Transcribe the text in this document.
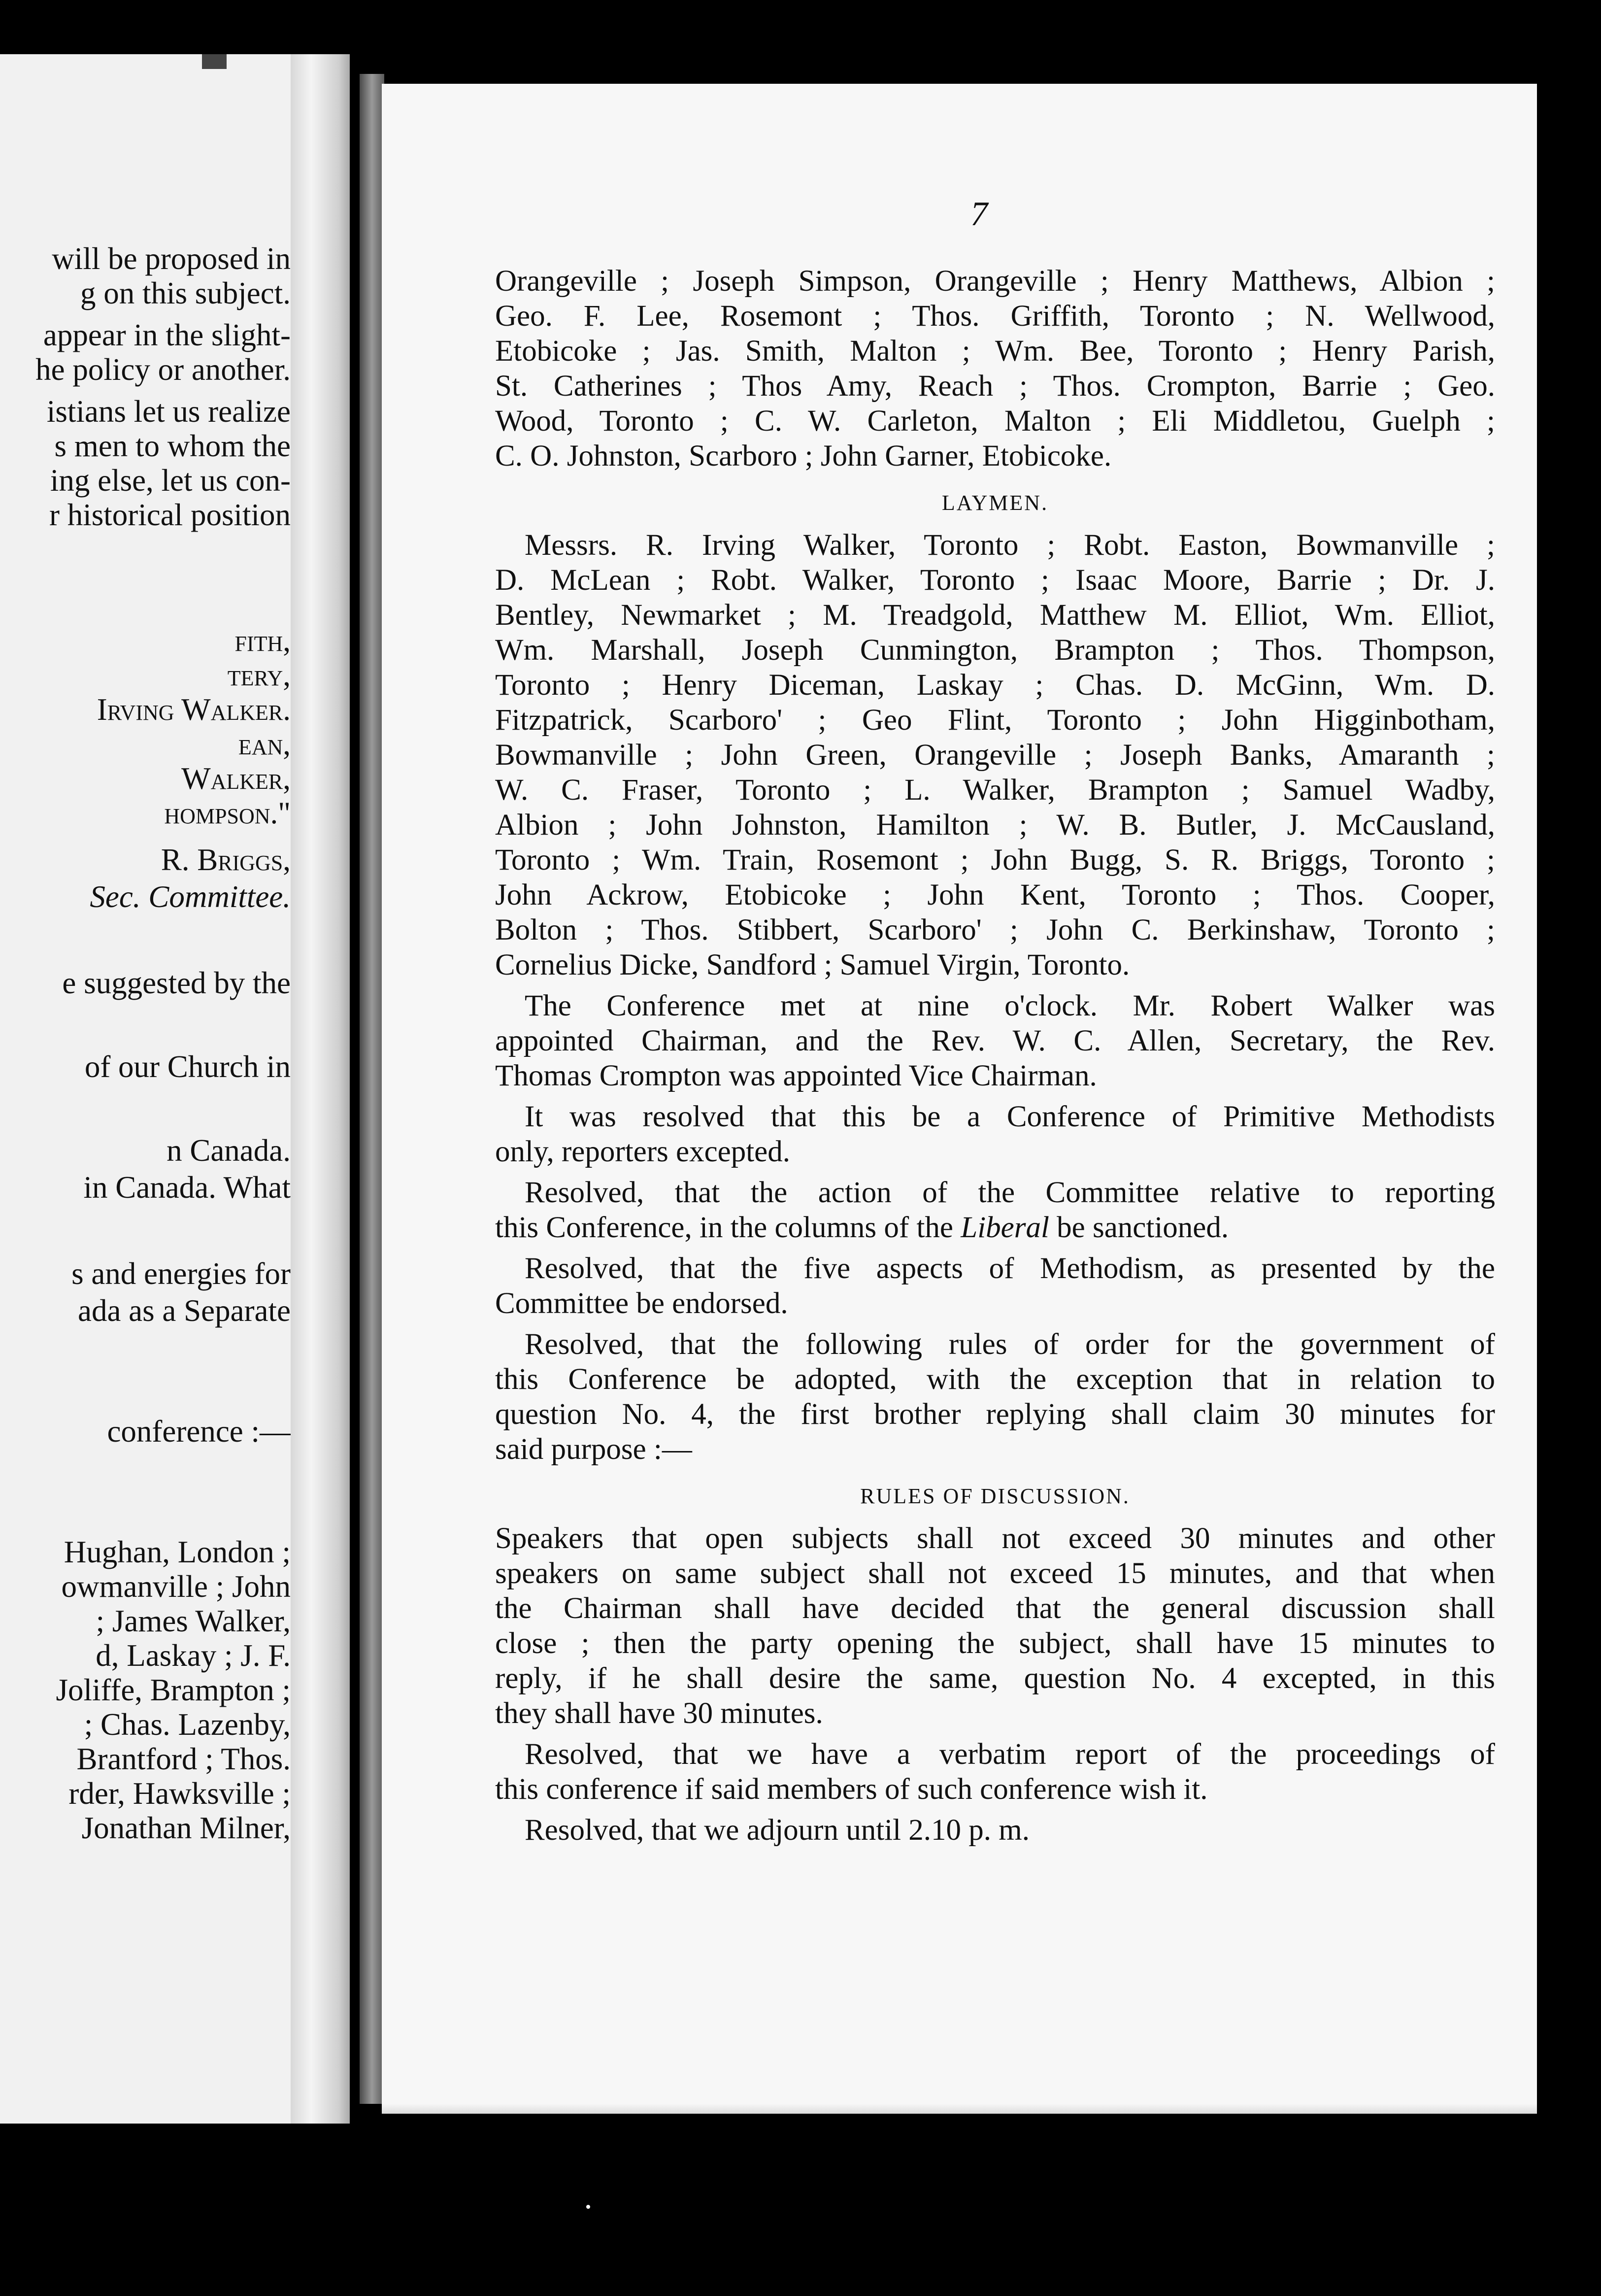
will be proposed in
g on this subject.
appear in the slight-
he policy or another.
istians let us realize
s men to whom the
ing else, let us con-
r historical position
fith,
tery,
Irving Walker.
ean,
Walker,
hompson."
R. Briggs,
Sec. Committee.
e suggested by the
of our Church in
n Canada.
in Canada. What
s and energies for
ada as a Separate
conference :—
Hughan, London ;
owmanville ; John
; James Walker,
d, Laskay ; J. F.
Joliffe, Brampton ;
; Chas. Lazenby,
Brantford ; Thos.
rder, Hawksville ;
Jonathan Milner,
7
Orangeville ; Joseph Simpson, Orangeville ; Henry Matthews, Albion ;
Geo. F. Lee, Rosemont ; Thos. Griffith, Toronto ; N. Wellwood,
Etobicoke ; Jas. Smith, Malton ; Wm. Bee, Toronto ; Henry Parish,
St. Catherines ; Thos Amy, Reach ; Thos. Crompton, Barrie ; Geo.
Wood, Toronto ; C. W. Carleton, Malton ; Eli Middletou, Guelph ;
C. O. Johnston, Scarboro ; John Garner, Etobicoke.
LAYMEN.
Messrs. R. Irving Walker, Toronto ; Robt. Easton, Bowmanville ;
D. McLean ; Robt. Walker, Toronto ; Isaac Moore, Barrie ; Dr. J.
Bentley, Newmarket ; M. Treadgold, Matthew M. Elliot, Wm. Elliot,
Wm. Marshall, Joseph Cunmington, Brampton ; Thos. Thompson,
Toronto ; Henry Diceman, Laskay ; Chas. D. McGinn, Wm. D.
Fitzpatrick, Scarboro' ; Geo Flint, Toronto ; John Higginbotham,
Bowmanville ; John Green, Orangeville ; Joseph Banks, Amaranth ;
W. C. Fraser, Toronto ; L. Walker, Brampton ; Samuel Wadby,
Albion ; John Johnston, Hamilton ; W. B. Butler, J. McCausland,
Toronto ; Wm. Train, Rosemont ; John Bugg, S. R. Briggs, Toronto ;
John Ackrow, Etobicoke ; John Kent, Toronto ; Thos. Cooper,
Bolton ; Thos. Stibbert, Scarboro' ; John C. Berkinshaw, Toronto ;
Cornelius Dicke, Sandford ; Samuel Virgin, Toronto.
The Conference met at nine o'clock. Mr. Robert Walker was
appointed Chairman, and the Rev. W. C. Allen, Secretary, the Rev.
Thomas Crompton was appointed Vice Chairman.
It was resolved that this be a Conference of Primitive Methodists
only, reporters excepted.
Resolved, that the action of the Committee relative to reporting
this Conference, in the columns of the Liberal be sanctioned.
Resolved, that the five aspects of Methodism, as presented by the
Committee be endorsed.
Resolved, that the following rules of order for the government of
this Conference be adopted, with the exception that in relation to
question No. 4, the first brother replying shall claim 30 minutes for
said purpose :—
RULES OF DISCUSSION.
Speakers that open subjects shall not exceed 30 minutes and other
speakers on same subject shall not exceed 15 minutes, and that when
the Chairman shall have decided that the general discussion shall
close ; then the party opening the subject, shall have 15 minutes to
reply, if he shall desire the same, question No. 4 excepted, in this
they shall have 30 minutes.
Resolved, that we have a verbatim report of the proceedings of
this conference if said members of such conference wish it.
Resolved, that we adjourn until 2.10 p. m.
